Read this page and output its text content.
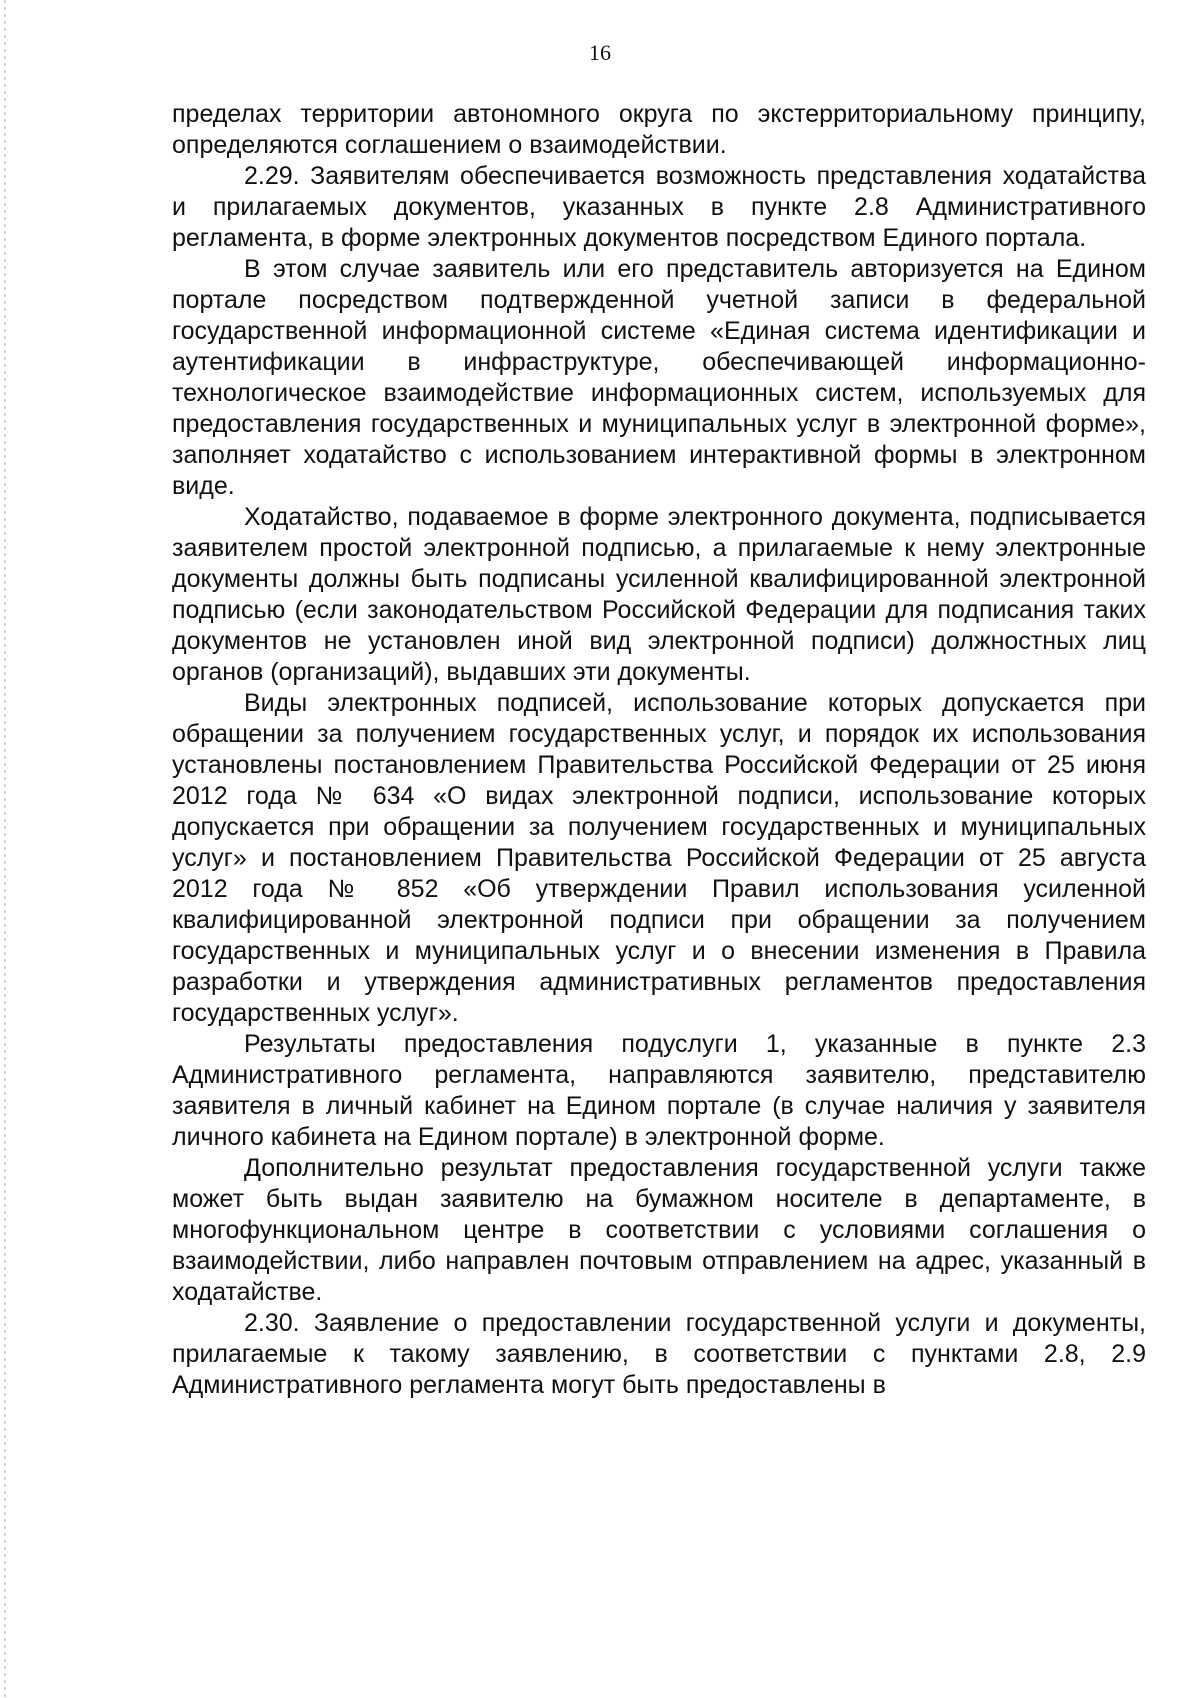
16

пределах территории автономного округа по экстерриториальному принципу, определяются соглашением о взаимодействии.

2.29. Заявителям обеспечивается возможность представления ходатайства и прилагаемых документов, указанных в пункте 2.8 Административного регламента, в форме электронных документов посредством Единого портала.

В этом случае заявитель или его представитель авторизуется на Едином портале посредством подтвержденной учетной записи в федеральной государственной информационной системе «Единая система идентификации и аутентификации в инфраструктуре, обеспечивающей информационно-технологическое взаимодействие информационных систем, используемых для предоставления государственных и муниципальных услуг в электронной форме», заполняет ходатайство с использованием интерактивной формы в электронном виде.

Ходатайство, подаваемое в форме электронного документа, подписывается заявителем простой электронной подписью, а прилагаемые к нему электронные документы должны быть подписаны усиленной квалифицированной электронной подписью (если законодательством Российской Федерации для подписания таких документов не установлен иной вид электронной подписи) должностных лиц органов (организаций), выдавших эти документы.

Виды электронных подписей, использование которых допускается при обращении за получением государственных услуг, и порядок их использования установлены постановлением Правительства Российской Федерации от 25 июня 2012 года № 634 «О видах электронной подписи, использование которых допускается при обращении за получением государственных и муниципальных услуг» и постановлением Правительства Российской Федерации от 25 августа 2012 года № 852 «Об утверждении Правил использования усиленной квалифицированной электронной подписи при обращении за получением государственных и муниципальных услуг и о внесении изменения в Правила разработки и утверждения административных регламентов предоставления государственных услуг».

Результаты предоставления подуслуги 1, указанные в пункте 2.3 Административного регламента, направляются заявителю, представителю заявителя в личный кабинет на Едином портале (в случае наличия у заявителя личного кабинета на Едином портале) в электронной форме.

Дополнительно результат предоставления государственной услуги также может быть выдан заявителю на бумажном носителе в департаменте, в многофункциональном центре в соответствии с условиями соглашения о взаимодействии, либо направлен почтовым отправлением на адрес, указанный в ходатайстве.

2.30. Заявление о предоставлении государственной услуги и документы, прилагаемые к такому заявлению, в соответствии с пунктами 2.8, 2.9 Административного регламента могут быть предоставлены в
